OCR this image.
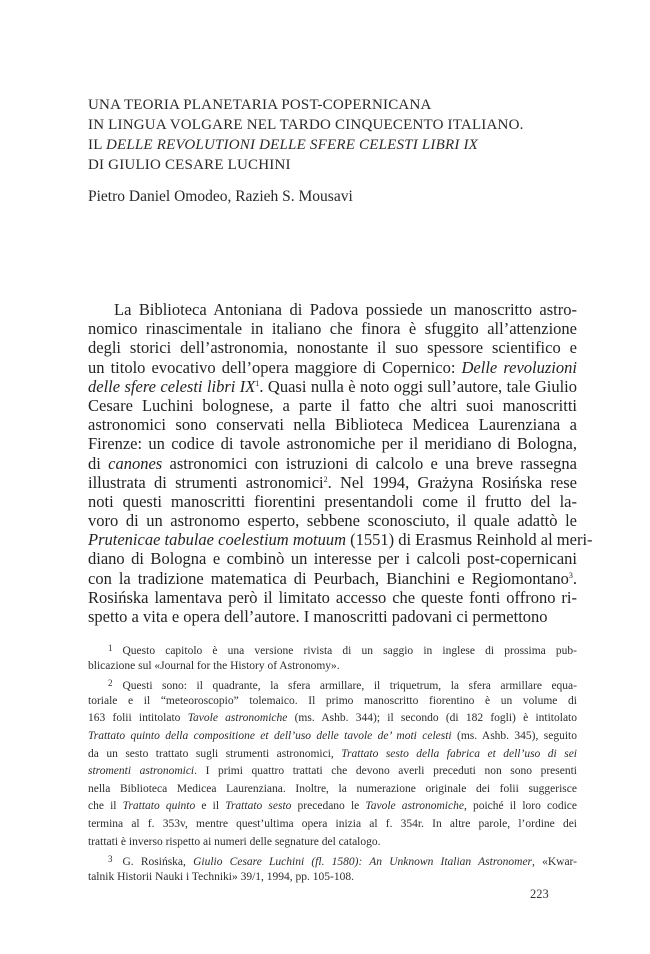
UNA TEORIA PLANETARIA POST-COPERNICANA
IN LINGUA VOLGARE NEL TARDO CINQUECENTO ITALIANO.
IL DELLE REVOLUTIONI DELLE SFERE CELESTI LIBRI IX
DI GIULIO CESARE LUCHINI
Pietro Daniel Omodeo, Razieh S. Mousavi
La Biblioteca Antoniana di Padova possiede un manoscritto astro-
nomico rinascimentale in italiano che finora è sfuggito all’attenzione
degli storici dell’astronomia, nonostante il suo spessore scientifico e
un titolo evocativo dell’opera maggiore di Copernico: Delle revoluzioni
delle sfere celesti libri $IX^1$. Quasi nulla è noto oggi sull’autore, tale Giulio
Cesare Luchini bolognese, a parte il fatto che altri suoi manoscritti
astronomici sono conservati nella Biblioteca Medicea Laurenziana a
Firenze: un codice di tavole astronomiche per il meridiano di Bologna,
di canones astronomici con istruzioni di calcolo e una breve rassegna
illustrata di strumenti astronomici$^2$. Nel 1994, Grażyna Rosińska rese
noti questi manoscritti fiorentini presentandoli come il frutto del la-
voro di un astronomo esperto, sebbene sconosciuto, il quale adattò le
Prutenicae tabulae coelestium motuum (1551) di Erasmus Reinhold al meri-
diano di Bologna e combinò un interesse per i calcoli post-copernicani
con la tradizione matematica di Peurbach, Bianchini e Regiomontano$^3$.
Rosińska lamentava però il limitato accesso che queste fonti offrono ri-
spetto a vita e opera dell’autore. I manoscritti padovani ci permettono
$^1$ Questo capitolo è una versione rivista di un saggio in inglese di prossima pub-
blicazione sul «Journal for the History of Astronomy».
$^2$ Questi sono: il quadrante, la sfera armillare, il triquetrum, la sfera armillare equa-
toriale e il “meteoroscopio” tolemaico. Il primo manoscritto fiorentino è un volume di
163 folii intitolato Tavole astronomiche (ms. Ashb. 344); il secondo (di 182 fogli) è intitolato
Trattato quinto della compositione et dell’uso delle tavole de’ moti celesti (ms. Ashb. 345), seguito
da un sesto trattato sugli strumenti astronomici, Trattato sesto della fabrica et dell’uso di sei
stromenti astronomici. I primi quattro trattati che devono averli preceduti non sono presenti
nella Biblioteca Medicea Laurenziana. Inoltre, la numerazione originale dei folii suggerisce
che il Trattato quinto e il Trattato sesto precedano le Tavole astronomiche, poiché il loro codice
termina al f. 353v, mentre quest’ultima opera inizia al f. 354r. In altre parole, l’ordine dei
trattati è inverso rispetto ai numeri delle segnature del catalogo.
$^3$ G. Rosińska, Giulio Cesare Luchini (fl. 1580): An Unknown Italian Astronomer, «Kwar-
talnik Historii Nauki i Techniki» 39/1, 1994, pp. 105-108.
223
